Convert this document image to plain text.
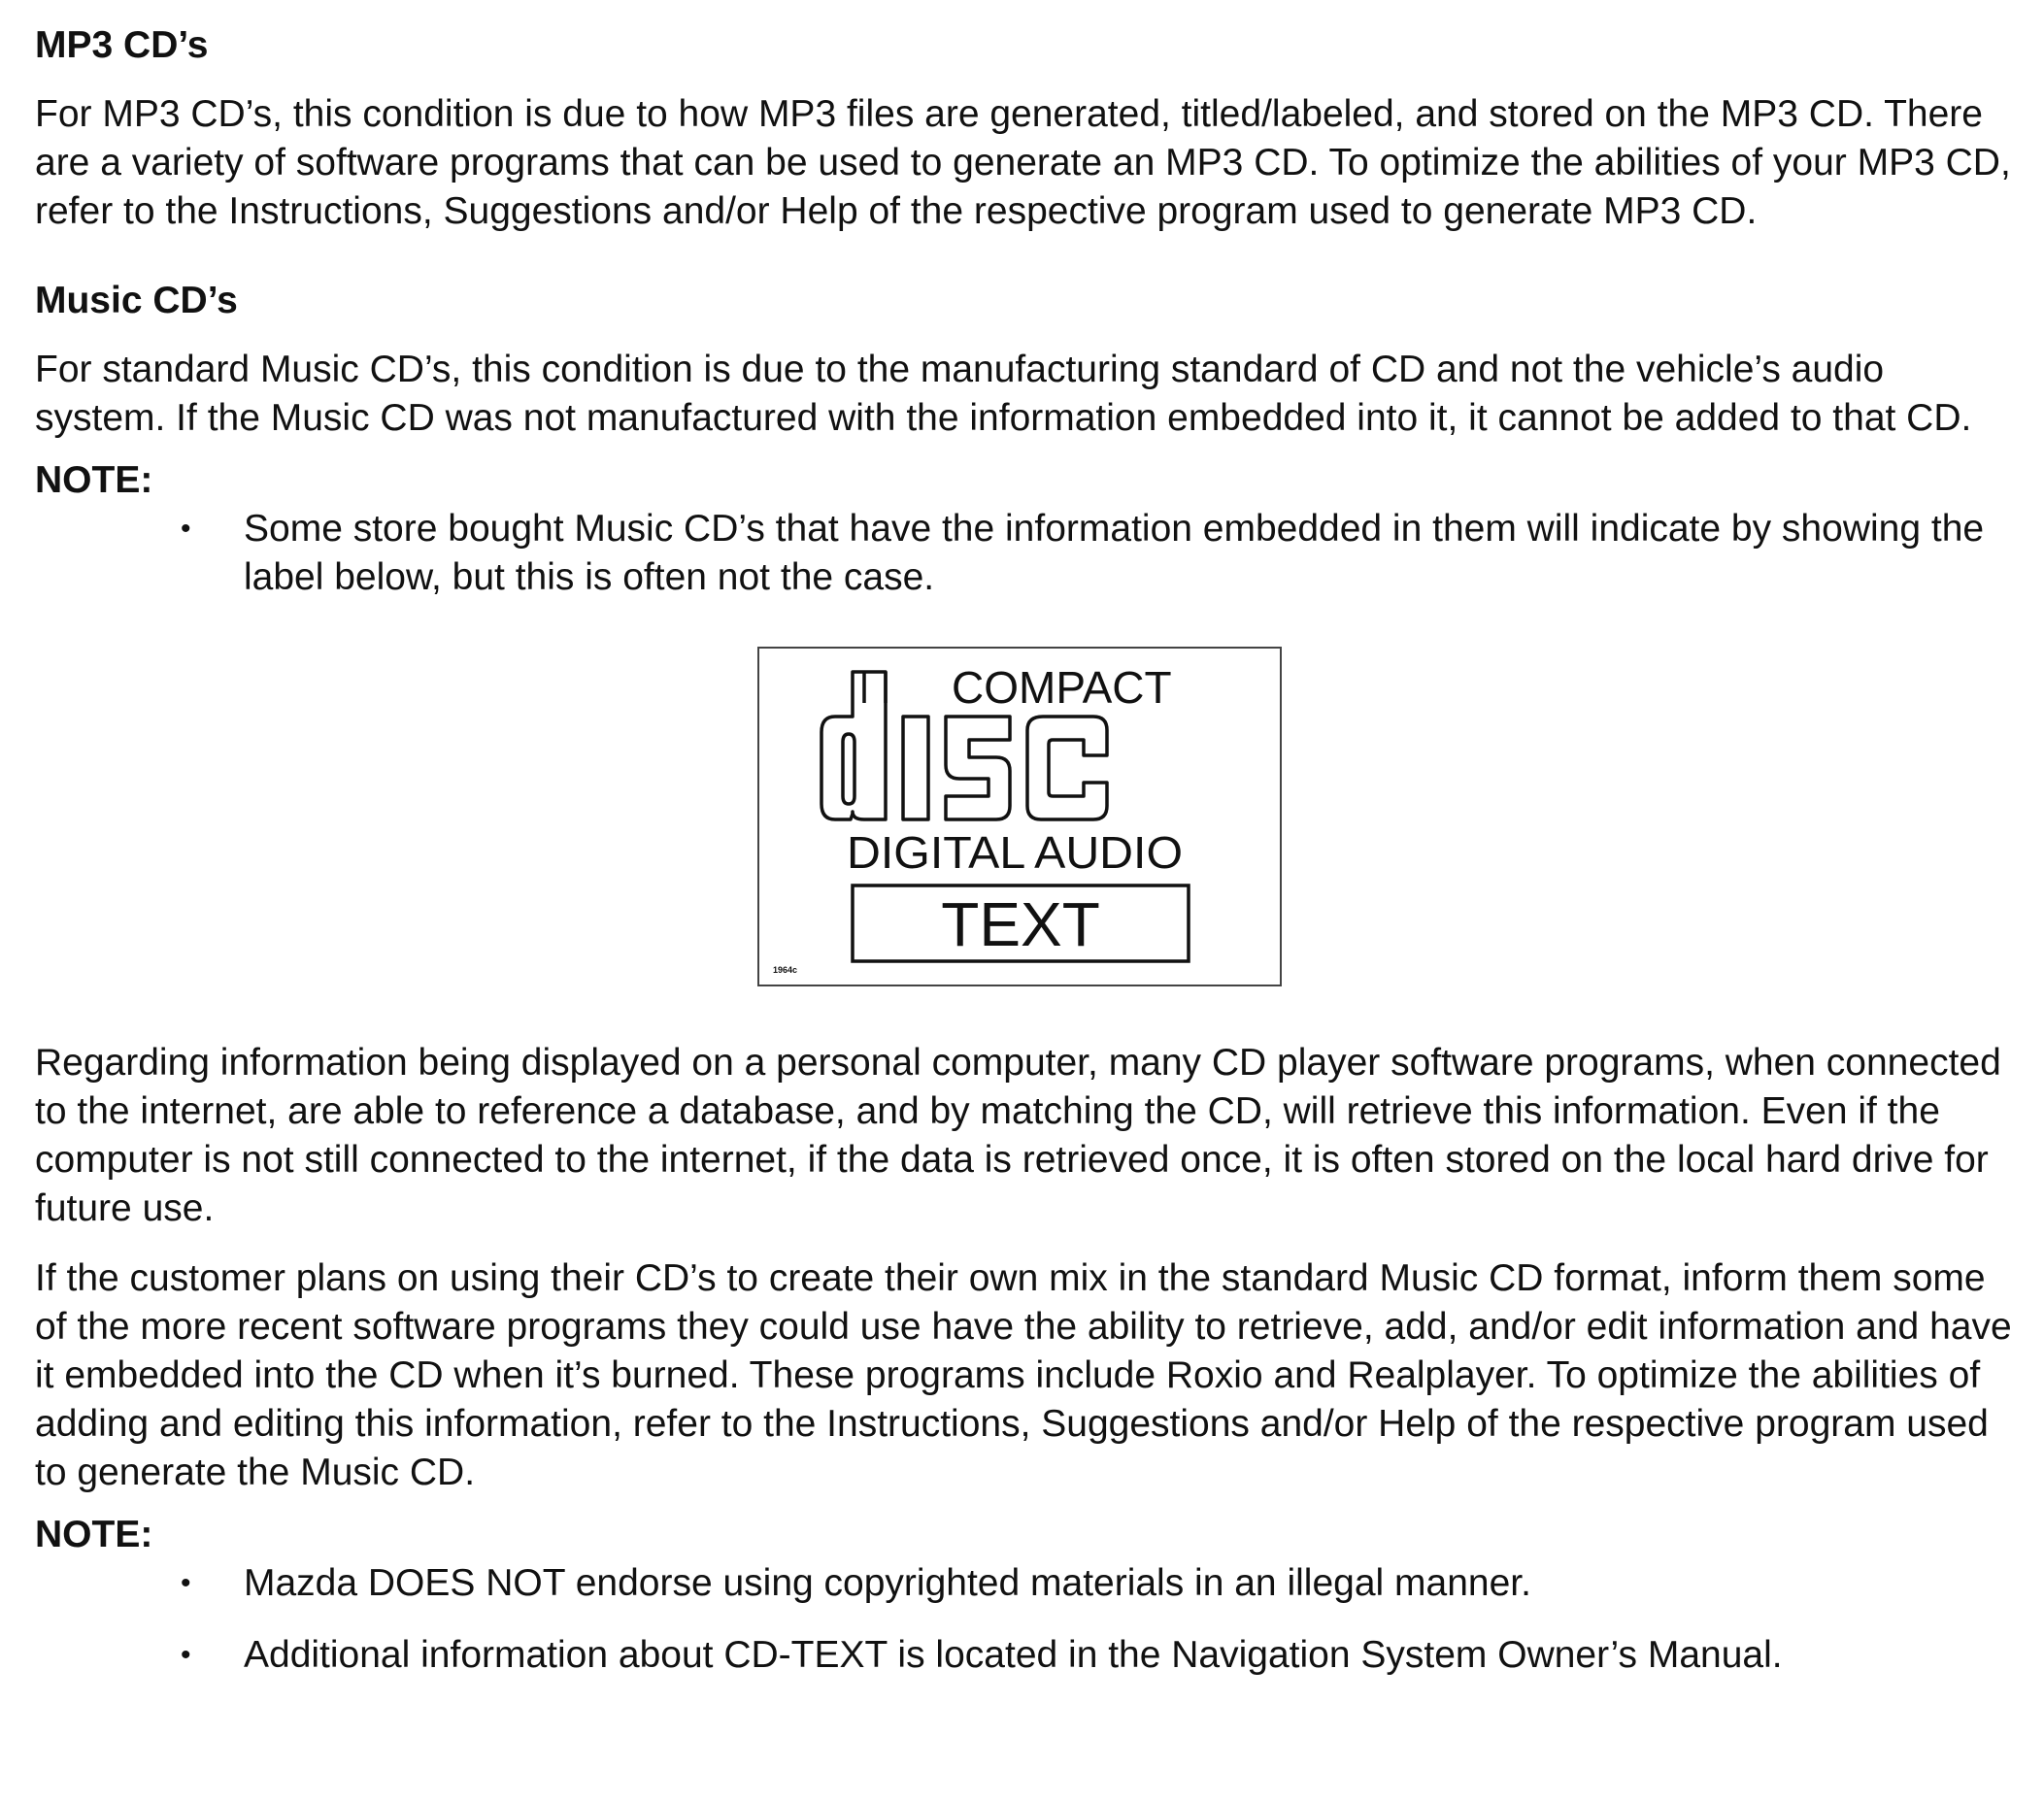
MP3 CD’s

For MP3 CD’s, this condition is due to how MP3 files are generated, titled/labeled, and stored on the MP3 CD. There are a variety of software programs that can be used to generate an MP3 CD. To optimize the abilities of your MP3 CD, refer to the Instructions, Suggestions and/or Help of the respective program used to generate MP3 CD.

Music CD’s

For standard Music CD’s, this condition is due to the manufacturing standard of CD and not the vehicle’s audio system. If the Music CD was not manufactured with the information embedded into it, it cannot be added to that CD.

NOTE:
• Some store bought Music CD’s that have the information embedded in them will indicate by showing the label below, but this is often not the case.
COMPACT
DIGITAL AUDIO
TEXT
1964c

Regarding information being displayed on a personal computer, many CD player software programs, when connected to the internet, are able to reference a database, and by matching the CD, will retrieve this information. Even if the computer is not still connected to the internet, if the data is retrieved once, it is often stored on the local hard drive for future use.

If the customer plans on using their CD’s to create their own mix in the standard Music CD format, inform them some of the more recent software programs they could use have the ability to retrieve, add, and/or edit information and have it embedded into the CD when it’s burned. These programs include Roxio and Realplayer. To optimize the abilities of adding and editing this information, refer to the Instructions, Suggestions and/or Help of the respective program used to generate the Music CD.

NOTE:
• Mazda DOES NOT endorse using copyrighted materials in an illegal manner.
• Additional information about CD-TEXT is located in the Navigation System Owner’s Manual.
